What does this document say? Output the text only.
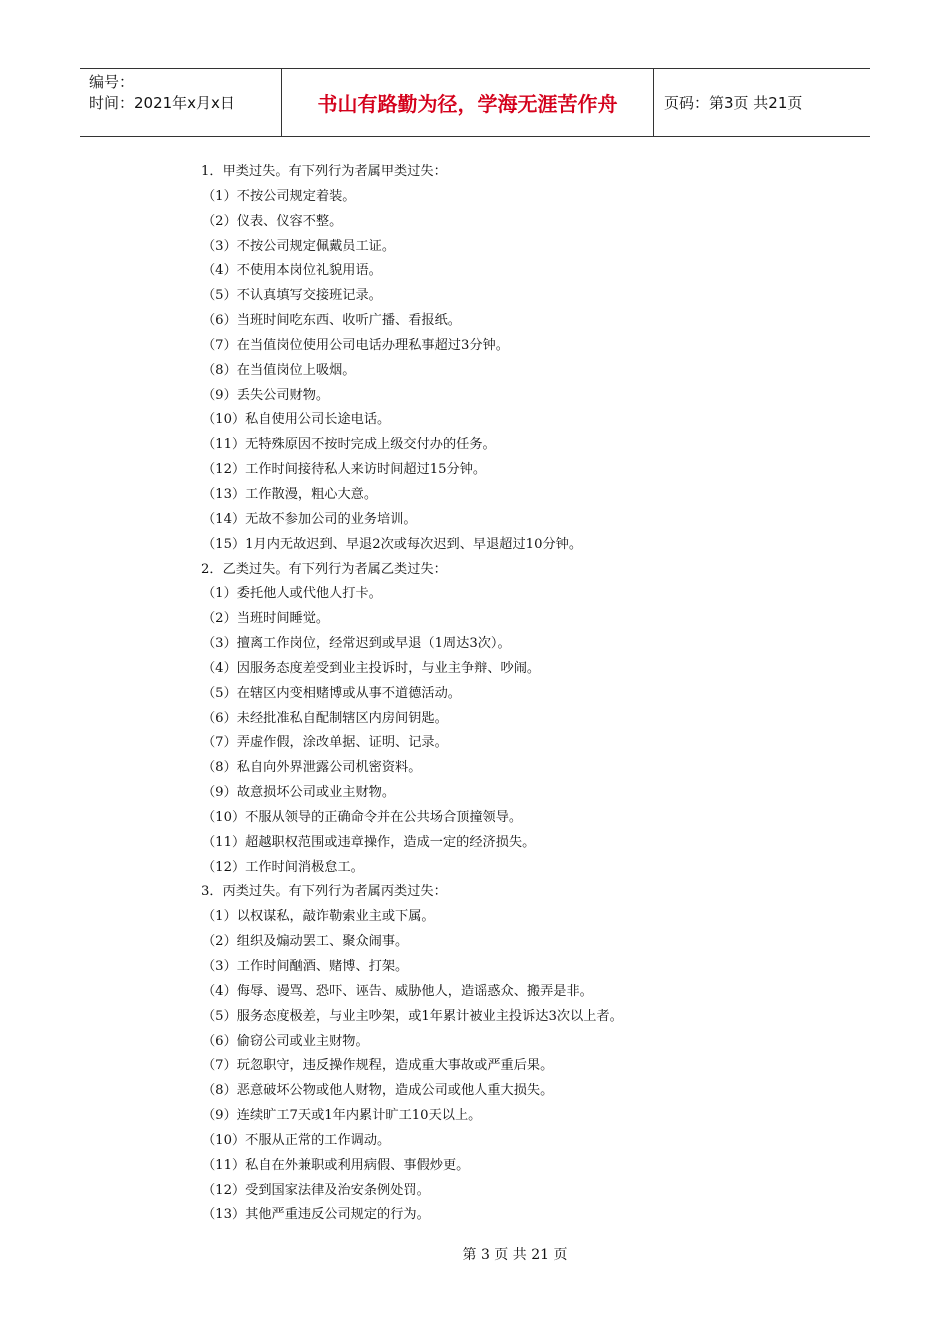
编号：
时间：2021年x月x日	书山有路勤为径，学海无涯苦作舟	页码：第3页 共21页
1．甲类过失。有下列行为者属甲类过失：
（1）不按公司规定着装。
（2）仪表、仪容不整。
（3）不按公司规定佩戴员工证。
（4）不使用本岗位礼貌用语。
（5）不认真填写交接班记录。
（6）当班时间吃东西、收听广播、看报纸。
（7）在当值岗位使用公司电话办理私事超过3分钟。
（8）在当值岗位上吸烟。
（9）丢失公司财物。
（10）私自使用公司长途电话。
（11）无特殊原因不按时完成上级交付办的任务。
（12）工作时间接待私人来访时间超过15分钟。
（13）工作散漫，粗心大意。
（14）无故不参加公司的业务培训。
（15）1月内无故迟到、早退2次或每次迟到、早退超过10分钟。
2．乙类过失。有下列行为者属乙类过失：
（1）委托他人或代他人打卡。
（2）当班时间睡觉。
（3）擅离工作岗位，经常迟到或早退（1周达3次）。
（4）因服务态度差受到业主投诉时，与业主争辩、吵闹。
（5）在辖区内变相赌博或从事不道德活动。
（6）未经批准私自配制辖区内房间钥匙。
（7）弄虚作假，涂改单据、证明、记录。
（8）私自向外界泄露公司机密资料。
（9）故意损坏公司或业主财物。
（10）不服从领导的正确命令并在公共场合顶撞领导。
（11）超越职权范围或违章操作，造成一定的经济损失。
（12）工作时间消极怠工。
3．丙类过失。有下列行为者属丙类过失：
（1）以权谋私，敲诈勒索业主或下属。
（2）组织及煽动罢工、聚众闹事。
（3）工作时间酗酒、赌博、打架。
（4）侮辱、谩骂、恐吓、诬告、威胁他人，造谣惑众、搬弄是非。
（5）服务态度极差，与业主吵架，或1年累计被业主投诉达3次以上者。
（6）偷窃公司或业主财物。
（7）玩忽职守，违反操作规程，造成重大事故或严重后果。
（8）恶意破坏公物或他人财物，造成公司或他人重大损失。
（9）连续旷工7天或1年内累计旷工10天以上。
（10）不服从正常的工作调动。
（11）私自在外兼职或利用病假、事假炒更。
（12）受到国家法律及治安条例处罚。
（13）其他严重违反公司规定的行为。
第 3 页 共 21 页
